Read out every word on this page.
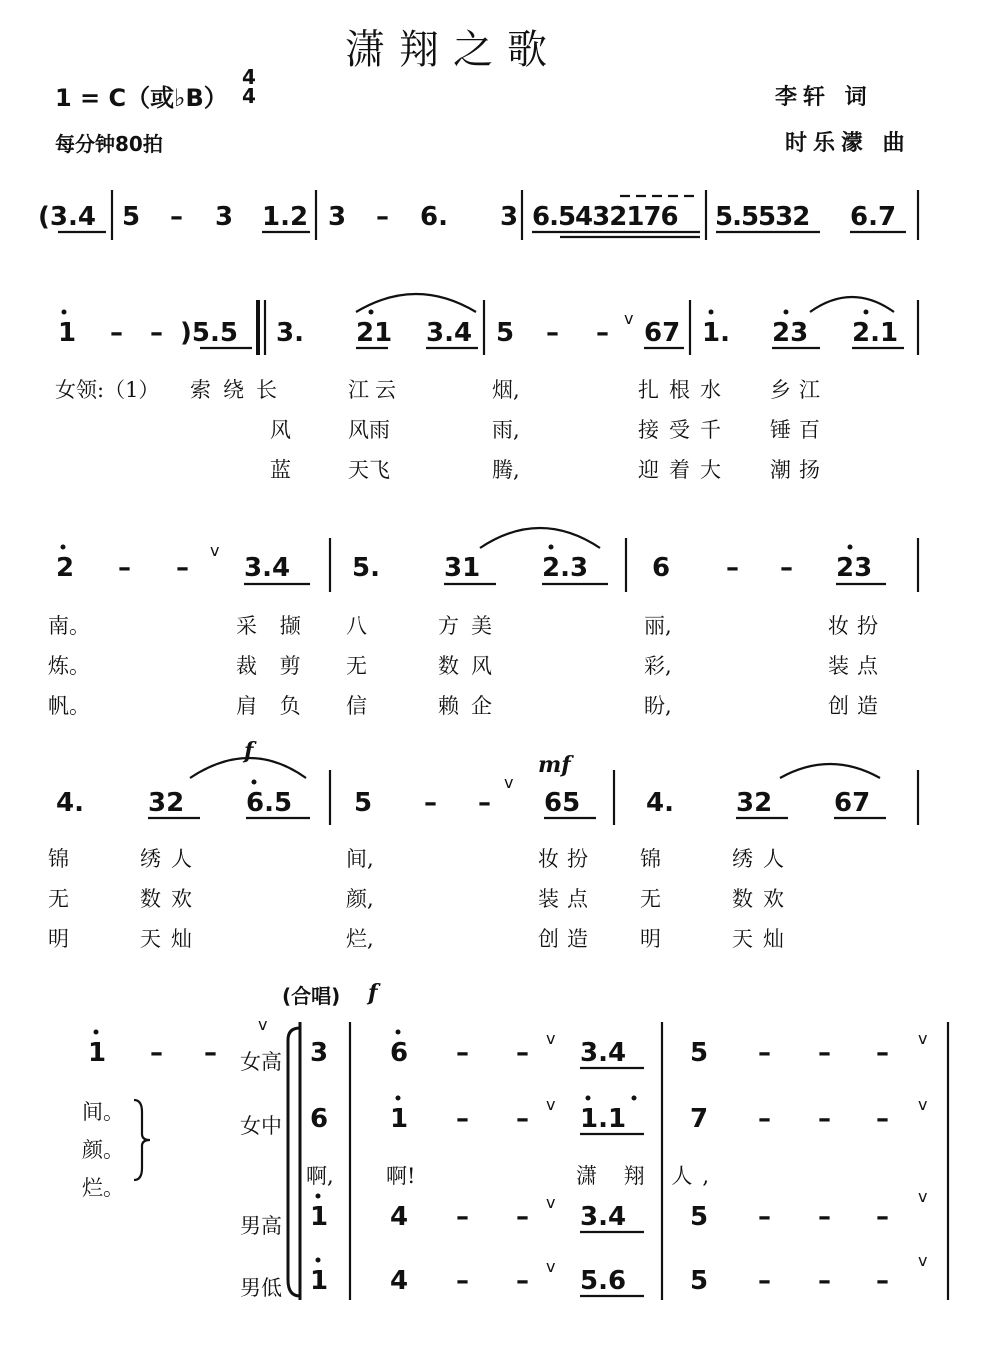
潇翔之歌
1 = C（或♭B）
4
4
每分钟80拍
李轩 词
时乐濛 曲
(3.4 5 – 3 1.2 3 – 6. 3 6.5432176 5.5532 6.7
1 – – )5.5 3. 21 3.4 5 – – 67 1. 23 2.1
女领:（1） 索绕长	江云	烟,	扎根水 乡江
风	风雨	雨,	接受千 锤百
蓝	天飞	腾,	迎着大 潮扬
2 – – 3.4 5. 31 2.3 6 – – 23
南。	采 撷 八	方美	丽,	妆扮
炼。	裁 剪 无	数风	彩,	装点
帆。	肩 负 信	赖企	盼,	创造
f
mf
4. 32 6.5 5 – – 65	4. 32 67
锦	绣人	间,	妆扮 锦	绣人
无	数欢	颜,	装点 无	数欢
明	天灿	烂,	创造 明	天灿
(合唱) f
1 – –
间。
颜。
烂。
女高
女中
男高
男低
3 6 – – 3.4 5 – – –
6 1 – – 1.1 7 – – –
啊, 啊!	潇 翔 人,
1 4 – – 3.4 5 – – –
1 4 – – 5.6 5 – – –
v
v
v
v
v	v
v	v
v	v
v	v
